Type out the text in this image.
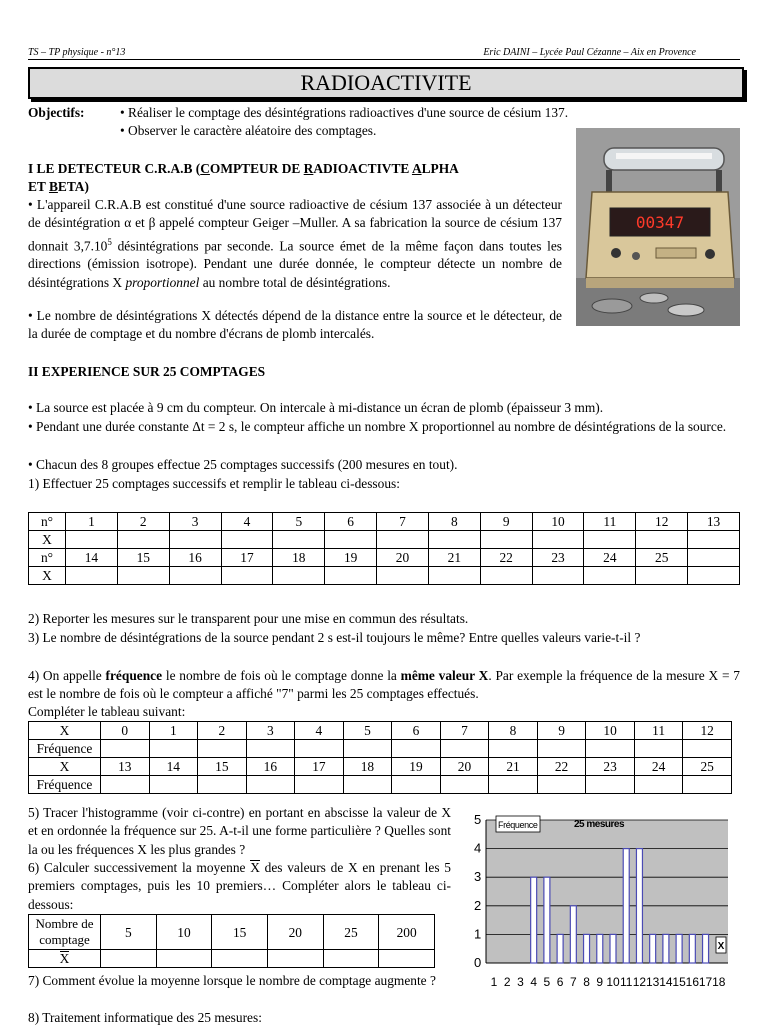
TS – TP physique - n°13	Eric DAINI – Lycée Paul Cézanne – Aix en Provence
RADIOACTIVITE
Objectifs:	• Réaliser le comptage des désintégrations radioactives d'une source de césium 137.
• Observer le caractère aléatoire des comptages.
I LE DETECTEUR C.R.A.B (COMPTEUR DE RADIOACTIVTE ALPHA
ET BETA)
• L'appareil C.R.A.B est constitué d'une source radioactive de césium 137 associée à un détecteur de désintégration α et β appelé compteur Geiger –Muller. A sa fabrication la source de césium 137 donnait 3,7.10$^5$ désintégrations par seconde. La source émet de la même façon dans toutes les directions (émission isotrope). Pendant une durée donnée, le compteur détecte un nombre de désintégrations X proportionnel au nombre total de désintégrations.
• Le nombre de désintégrations X détectés dépend de la distance entre la source et le détecteur, de la durée de comptage et du nombre d'écrans de plomb intercalés.
00347
II EXPERIENCE SUR 25 COMPTAGES
• La source est placée à 9 cm du compteur. On intercale à mi-distance un écran de plomb (épaisseur 3 mm).
• Pendant une durée constante Δt = 2 s, le compteur affiche un nombre X proportionnel au nombre de désintégrations de la source.
• Chacun des 8 groupes effectue 25 comptages successifs (200 mesures en tout).
1) Effectuer 25 comptages successifs et remplir le tableau ci-dessous:
n°	1	2	3	4	5	6	7	8	9	10	11	12	13
X													
n°	14	15	16	17	18	19	20	21	22	23	24	25	
X													
2) Reporter les mesures sur le transparent pour une mise en commun des résultats.
3) Le nombre de désintégrations de la source pendant 2 s est-il toujours le même? Entre quelles valeurs varie-t-il ?
4) On appelle fréquence le nombre de fois où le comptage donne la même valeur X. Par exemple la fréquence de la mesure X = 7 est le nombre de fois où le compteur a affiché "7" parmi les 25 comptages effectués.
Compléter le tableau suivant:
X	0	1	2	3	4	5	6	7	8	9	10	11	12
Fréquence													
X	13	14	15	16	17	18	19	20	21	22	23	24	25
Fréquence													
5) Tracer l'histogramme (voir ci-contre) en portant en abscisse la valeur de X et en ordonnée la fréquence sur 25. A-t-il une forme particulière ? Quelles sont la ou les fréquences X les plus grandes ?
6) Calculer successivement la moyenne
X des valeurs de X en prenant les 5 premiers comptages, puis les 10 premiers… Compléter alors le tableau ci-dessous:
Nombre de comptage	5	10	15	20	25	200

X						
7) Comment évolue la moyenne lorsque le nombre de comptage augmente ?
8) Traitement informatique des 25 mesures:
0
1
2
3
4
5
1 2 3 4 5 6 7 8 9 10 11 12 13 14 15 16 17 18
Fréquence	25 mesures
X
